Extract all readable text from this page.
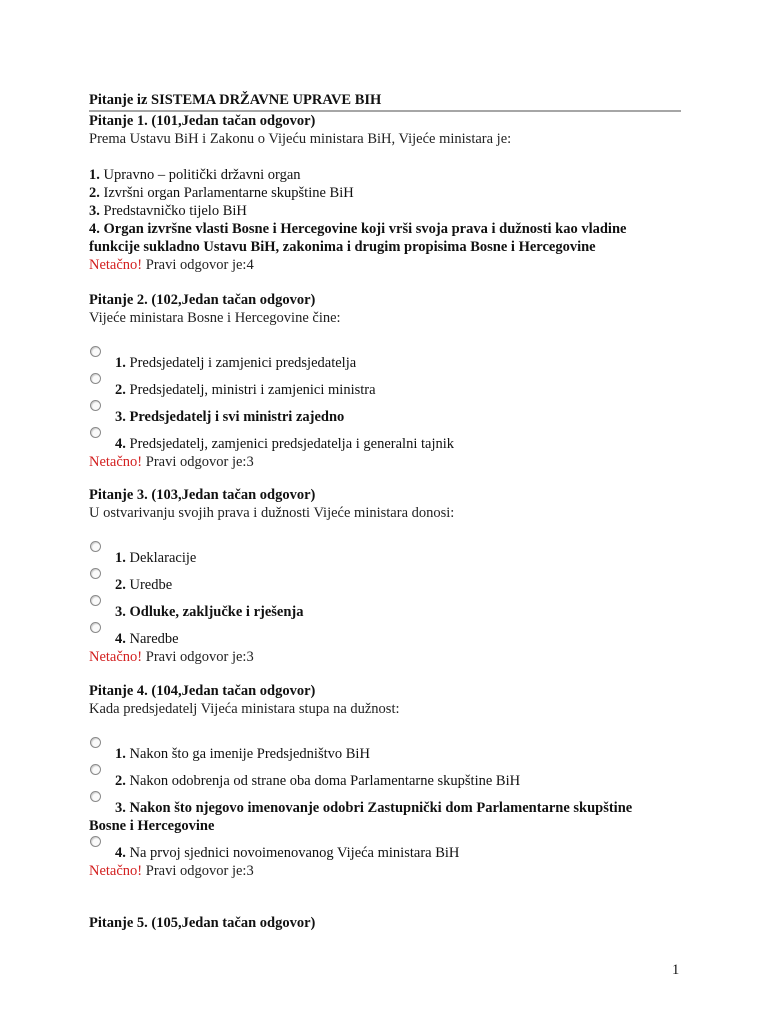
Pitanje iz SISTEMA DRŽAVNE UPRAVE BIH
Pitanje 1. (101,Jedan tačan odgovor)
Prema Ustavu BiH i Zakonu o Vijeću ministara BiH, Vijeće ministara je:
1. Upravno – politički državni organ
2. Izvršni organ Parlamentarne skupštine BiH
3. Predstavničko tijelo BiH
4. Organ izvršne vlasti Bosne i Hercegovine koji vrši svoja prava i dužnosti kao vladine funkcije sukladno Ustavu BiH, zakonima i drugim propisima Bosne i Hercegovine
Netačno! Pravi odgovor je:4
Pitanje 2. (102,Jedan tačan odgovor)
Vijeće ministara Bosne i Hercegovine čine:
1. Predsjedatelj i zamjenici predsjedatelja
2. Predsjedatelj, ministri i zamjenici ministra
3. Predsjedatelj i svi ministri zajedno
4. Predsjedatelj, zamjenici predsjedatelja i generalni tajnik
Netačno! Pravi odgovor je:3
Pitanje 3. (103,Jedan tačan odgovor)
U ostvarivanju svojih prava i dužnosti Vijeće ministara donosi:
1. Deklaracije
2. Uredbe
3. Odluke, zaključke i rješenja
4. Naredbe
Netačno! Pravi odgovor je:3
Pitanje 4. (104,Jedan tačan odgovor)
Kada predsjedatelj Vijeća ministara stupa na dužnost:
1. Nakon što ga imenije Predsjedništvo BiH
2. Nakon odobrenja od strane oba doma Parlamentarne skupštine BiH
3. Nakon što njegovo imenovanje odobri Zastupnički dom Parlamentarne skupštine Bosne i Hercegovine
4. Na prvoj sjednici novoimenovanog Vijeća ministara BiH
Netačno! Pravi odgovor je:3
Pitanje 5. (105,Jedan tačan odgovor)
1
